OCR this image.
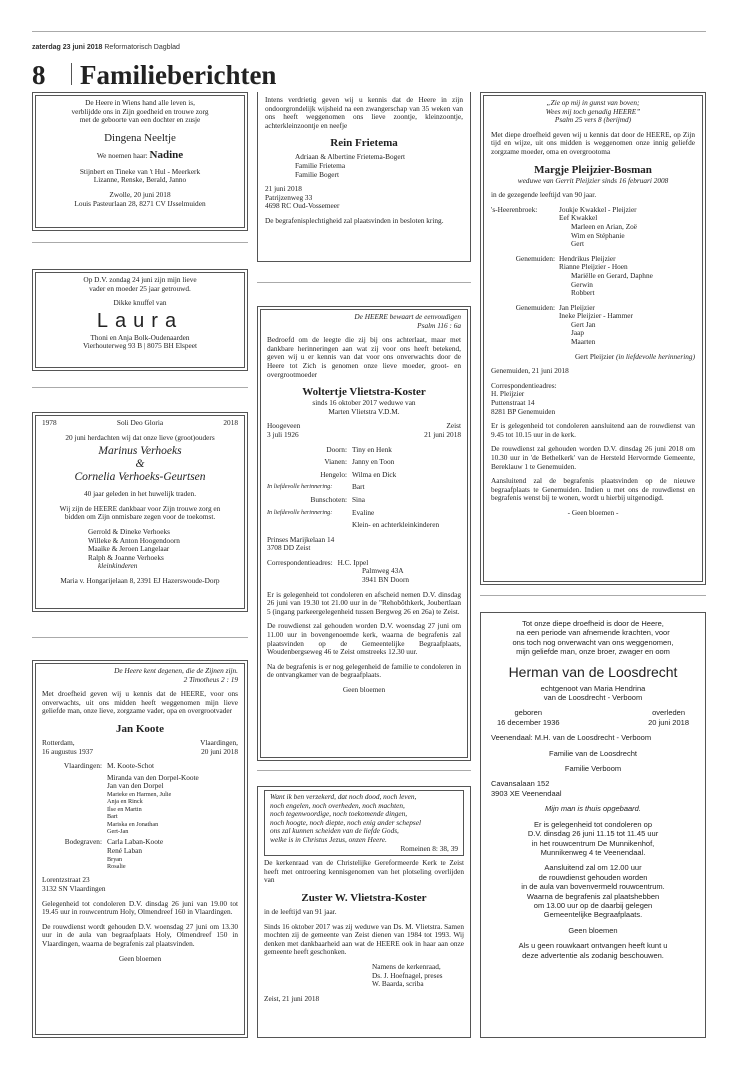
zaterdag 23 juni 2018 Reformatorisch Dagblad
8 Familieberichten

De Heere in Wiens hand alle leven is,

verblijdde ons in Zijn goedheid en trouwe zorg

met de geboorte van een dochter en zusje

Dingena Neeltje

We noemen haar: Nadine

Stijnbert en Tineke van 't Hul - Meerkerk

Lizanne, Renske, Berald, Janno

Zwolle, 20 juni 2018

Louis Pasteurlaan 28, 8271 CV IJsselmuiden

Op D.V. zondag 24 juni zijn mijn lieve

vader en moeder 25 jaar getrouwd.

Dikke knuffel van

Laura

Thoni en Anja Bolk-Oudenaarden

Vierhouterweg 93 B | 8075 BH Elspeet

1978	Soli Deo Gloria	2018

20 juni herdachten wij dat onze lieve (groot)ouders

Marinus Verhoeks

&

Cornelia Verhoeks-Geurtsen

40 jaar geleden in het huwelijk traden.

Wij zijn de HEERE dankbaar voor Zijn trouwe zorg en

bidden om Zijn onmisbare zegen voor de toekomst.

Gerrold & Dineke Verhoeks

Willeke & Anton Hoogendoorn

Maaike & Jeroen Langelaar

Ralph & Joanne Verhoeks

kleinkinderen

Maria v. Hongarijelaan 8, 2391 EJ Hazerswoude-Dorp

De Heere kent degenen, die de Zijnen zijn.

2 Timotheus 2 : 19

Met droefheid geven wij u kennis dat de HEERE, voor ons onverwachts, uit ons midden heeft weggenomen mijn lieve geliefde man, onze lieve, zorgzame vader, opa en overgrootvader

Jan Koote

Rotterdam,

16 augustus 1937

Vlaardingen,

20 juni 2018

Vlaardingen: M. Koote-Schot

Miranda van den Dorpel-Koote

Jan van den Dorpel

Marieke en Harmen, Julie

Anja en Rinck

Ilse en Martin

Bart

Mariska en Jonathan

Gert-Jan

Bodegraven: Carla Laban-Koote

René Laban

Bryan

Rosalie

Lorentzstraat 23

3132 SN Vlaardingen

Gelegenheid tot condoleren D.V. dinsdag 26 juni van 19.00 tot 19.45 uur in rouwcentrum Holy, Olmendreef 160 in Vlaardingen.

De rouwdienst wordt gehouden D.V. woensdag 27 juni om 13.30 uur in de aula van begraafplaats Holy, Olmendreef 150 in Vlaardingen, waarna de begrafenis zal plaatsvinden.

Geen bloemen

Intens verdrietig geven wij u kennis dat de Heere in zijn ondoorgrondelijk wijsheid na een zwangerschap van 35 weken van ons heeft weggenomen ons lieve zoontje, kleinzoontje, achterkleinzoontje en neefje

Rein Frietema

Adriaan & Albertine Frietema-Bogert

Familie Frietema

Familie Bogert

21 juni 2018

Patrijzenweg 33

4698 RC Oud-Vossemeer

De begrafenisplechtigheid zal plaatsvinden in besloten kring.

De HEERE bewaart de eenvoudigen

Psalm 116 : 6a

Bedroefd om de leegte die zij bij ons achterlaat, maar met dankbare herinneringen aan wat zij voor ons heeft betekend, geven wij u er kennis van dat voor ons onverwachts door de Heere tot Zich is genomen onze lieve moeder, groot- en overgrootmoeder

Woltertje Vlietstra-Koster

sinds 16 oktober 2017 weduwe van

Marten Vlietstra V.D.M.

Hoogeveen

3 juli 1926

Zeist

21 juni 2018

Doorn: Tiny en Henk
Vianen: Janny en Toon
Hengelo: Wilma en Dick
In liefdevolle herinnering:	Bart
Bunschoten: Sina
In liefdevolle herinnering:	Evaline

Klein- en achterkleinkinderen

Prinses Marijkelaan 14

3708 DD Zeist

Correspondentieadres: H.C. Ippel

Palmweg 43A

3941 BN Doorn

Er is gelegenheid tot condoleren en afscheid nemen D.V. dinsdag 26 juni van 19.30 tot 21.00 uur in de "Rehobôthkerk, Joubertlaan 5 (ingang parkeergelegenheid tussen Bergweg 26 en 26a) te Zeist.

De rouwdienst zal gehouden worden D.V. woensdag 27 juni om 11.00 uur in bovengenoemde kerk, waarna de begrafenis zal plaatsvinden op de Gemeentelijke Begraafplaats, Woudenbergseweg 46 te Zeist omstreeks 12.30 uur.

Na de begrafenis is er nog gelegenheid de familie te condoleren in de ontvangkamer van de begraafplaats.

Geen bloemen

Want ik ben verzekerd, dat noch dood, noch leven,

noch engelen, noch overheden, noch machten,

noch tegenwoordige, noch toekomende dingen,

noch hoogte, noch diepte, noch enig ander schepsel

ons zal kunnen scheiden van de liefde Gods,

welke is in Christus Jezus, onzen Heere.

Romeinen 8: 38, 39

De kerkenraad van de Christelijke Gereformeerde Kerk te Zeist heeft met ontroering kennisgenomen van het plotseling overlijden van

Zuster W. Vlietstra-Koster

in de leeftijd van 91 jaar.

Sinds 16 oktober 2017 was zij weduwe van Ds. M. Vlietstra. Samen mochten zij de gemeente van Zeist dienen van 1984 tot 1993. Wij denken met dankbaarheid aan wat de HEERE ook in haar aan onze gemeente heeft geschonken.

Namens de kerkenraad,

Ds. J. Hoefnagel, preses

W. Baarda, scriba

Zeist, 21 juni 2018

„Zie op mij in gunst van boven;

Wees mij toch genadig HEERE”

Psalm 25 vers 8 (berijmd)

Met diepe droefheid geven wij u kennis dat door de HEERE, op Zijn tijd en wijze, uit ons midden is weggenomen onze innig geliefde zorgzame moeder, oma en overgrootoma

Margje Pleijzier-Bosman

weduwe van Gerrit Pleijzier sinds 16 februari 2008

in de gezegende leeftijd van 90 jaar.

's-Heerenbroek:	Joukje Kwakkel - Pleijzier

Eef Kwakkel

Marleen en Arian, Zoë

Wim en Stéphanie

Gert

Genemuiden: Hendrikus Pleijzier

Rianne Pleijzier - Hoen

Mariëlle en Gerard, Daphne

Gerwin

Robbert

Genemuiden: Jan Pleijzier

Ineke Pleijzier - Hammer

Gert Jan

Jaap

Maarten

Gert Pleijzier (in liefdevolle herinnering)

Genemuiden, 21 juni 2018

Correspondentieadres:

H. Pleijzier

Puttenstraat 14

8281 BP Genemuiden

Er is gelegenheid tot condoleren aansluitend aan de rouwdienst van 9.45 tot 10.15 uur in de kerk.

De rouwdienst zal gehouden worden D.V. dinsdag 26 juni 2018 om 10.30 uur in 'de Bethelkerk' van de Hersteld Hervormde Gemeente, Bereklauw 1 te Genemuiden.

Aansluitend zal de begrafenis plaatsvinden op de nieuwe begraafplaats te Genemuiden. Indien u met ons de rouwdienst en begrafenis wenst bij te wonen, wordt u hierbij uitgenodigd.

- Geen bloemen -

Tot onze diepe droefheid is door de Heere,

na een periode van afnemende krachten, voor

ons toch nog onverwacht van ons weggenomen,

mijn geliefde man, onze broer, zwager en oom

Herman van de Loosdrecht

echtgenoot van Maria Hendrina

van de Loosdrecht - Verboom

geboren

16 december 1936

overleden

20 juni 2018

Veenendaal: M.H. van de Loosdrecht - Verboom

Familie van de Loosdrecht

Familie Verboom

Cavansalaan 152

3903 XE Veenendaal

Mijn man is thuis opgebaard.

Er is gelegenheid tot condoleren op

D.V. dinsdag 26 juni 11.15 tot 11.45 uur

in het rouwcentrum De Munnikenhof,

Munnikenweg 4 te Veenendaal.

Aansluitend zal om 12.00 uur

de rouwdienst gehouden worden

in de aula van bovenvermeld rouwcentrum.

Waarna de begrafenis zal plaatshebben

om 13.00 uur op de daarbij gelegen

Gemeentelijke Begraafplaats.

Geen bloemen

Als u geen rouwkaart ontvangen heeft kunt u

deze advertentie als zodanig beschouwen.
